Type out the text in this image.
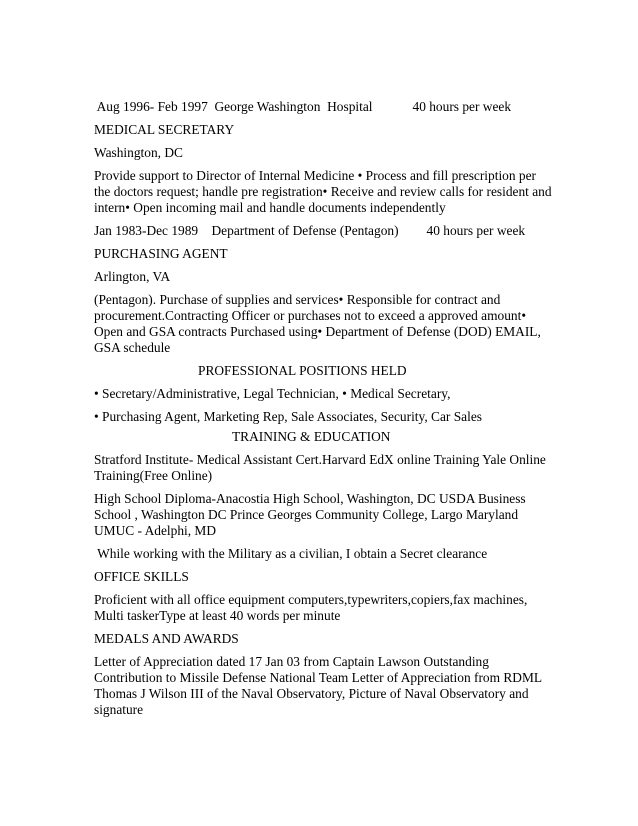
Aug 1996- Feb 1997  George Washington  Hospital	40 hours per week
MEDICAL SECRETARY
Washington, DC
Provide support to Director of Internal Medicine • Process and fill prescription per the doctors request; handle pre registration• Receive and review calls for resident and intern• Open incoming mail and handle documents independently
Jan 1983-Dec 1989    Department of Defense (Pentagon) 40 hours per week
PURCHASING AGENT
Arlington, VA
(Pentagon). Purchase of supplies and services• Responsible for contract and procurement.Contracting Officer or purchases not to exceed a approved amount• Open and GSA contracts Purchased using• Department of Defense (DOD) EMAIL, GSA schedule
PROFESSIONAL POSITIONS HELD
• Secretary/Administrative, Legal Technician, • Medical Secretary,
• Purchasing Agent, Marketing Rep, Sale Associates, Security, Car Sales
TRAINING & EDUCATION
Stratford Institute- Medical Assistant Cert.Harvard EdX online Training Yale Online Training(Free Online)
High School Diploma-Anacostia High School, Washington, DC USDA Business School , Washington DC Prince Georges Community College, Largo Maryland UMUC - Adelphi, MD
While working with the Military as a civilian, I obtain a Secret clearance
OFFICE SKILLS
Proficient with all office equipment computers,typewriters,copiers,fax machines, Multi taskerType at least 40 words per minute
MEDALS AND AWARDS
Letter of Appreciation dated 17 Jan 03 from Captain Lawson Outstanding Contribution to Missile Defense National Team Letter of Appreciation from RDML Thomas J Wilson III of the Naval Observatory, Picture of Naval Observatory and signature
